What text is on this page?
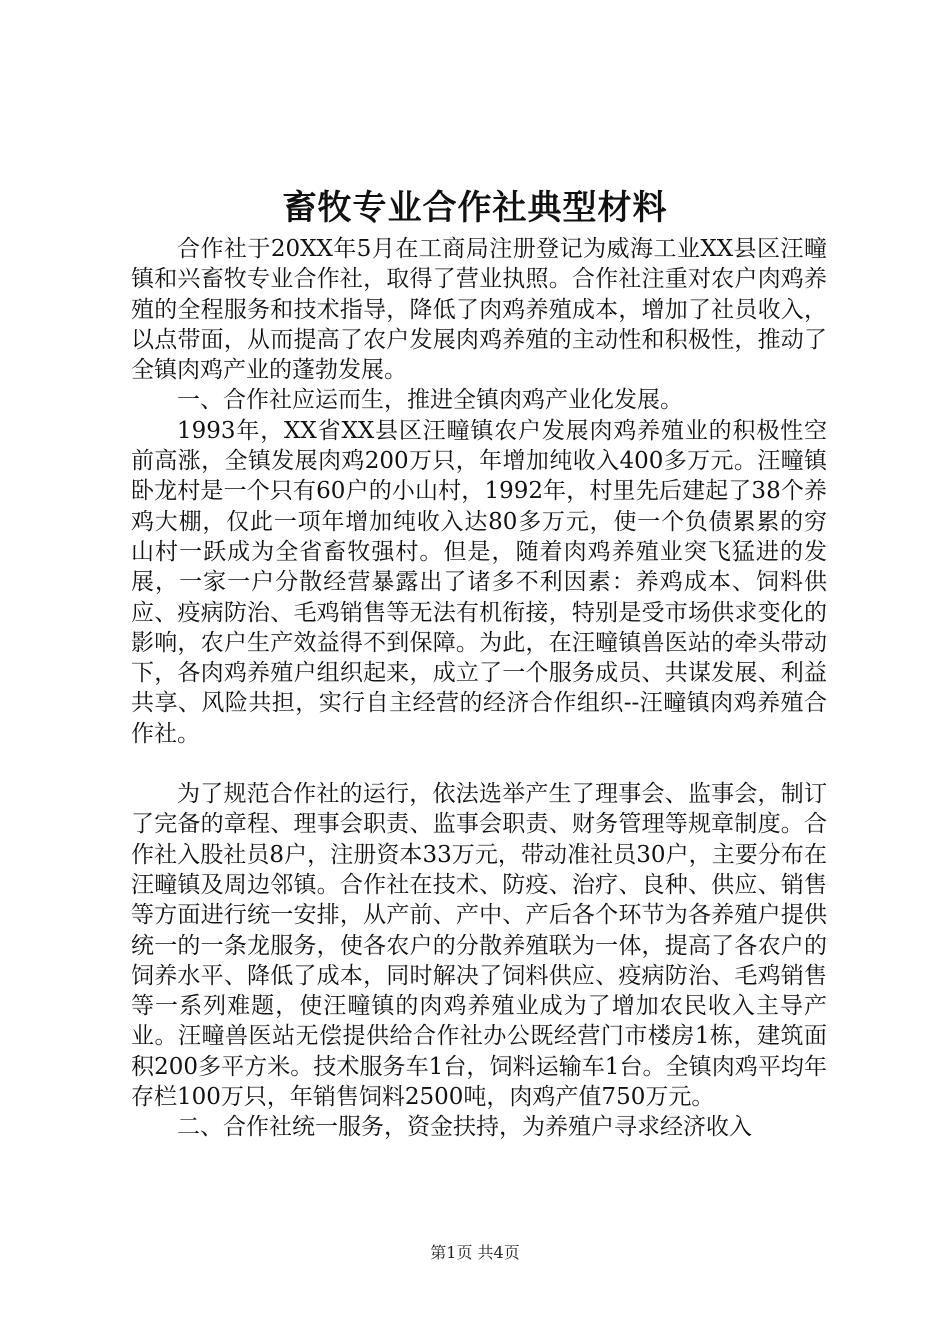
畜牧专业合作社典型材料

合作社于20XX年5月在工商局注册登记为威海工业XX县区汪疃镇和兴畜牧专业合作社，取得了营业执照。合作社注重对农户肉鸡养殖的全程服务和技术指导，降低了肉鸡养殖成本，增加了社员收入，以点带面，从而提高了农户发展肉鸡养殖的主动性和积极性，推动了全镇肉鸡产业的蓬勃发展。

一、合作社应运而生，推进全镇肉鸡产业化发展。

1993年，XX省XX县区汪疃镇农户发展肉鸡养殖业的积极性空前高涨，全镇发展肉鸡200万只，年增加纯收入400多万元。汪疃镇卧龙村是一个只有60户的小山村，1992年，村里先后建起了38个养鸡大棚，仅此一项年增加纯收入达80多万元，使一个负债累累的穷山村一跃成为全省畜牧强村。但是，随着肉鸡养殖业突飞猛进的发展，一家一户分散经营暴露出了诸多不利因素：养鸡成本、饲料供应、疫病防治、毛鸡销售等无法有机衔接，特别是受市场供求变化的影响，农户生产效益得不到保障。为此，在汪疃镇兽医站的牵头带动下，各肉鸡养殖户组织起来，成立了一个服务成员、共谋发展、利益共享、风险共担，实行自主经营的经济合作组织--汪疃镇肉鸡养殖合作社。

为了规范合作社的运行，依法选举产生了理事会、监事会，制订了完备的章程、理事会职责、监事会职责、财务管理等规章制度。合作社入股社员8户，注册资本33万元，带动准社员30户，主要分布在汪疃镇及周边邻镇。合作社在技术、防疫、治疗、良种、供应、销售等方面进行统一安排，从产前、产中、产后各个环节为各养殖户提供统一的一条龙服务，使各农户的分散养殖联为一体，提高了各农户的饲养水平、降低了成本，同时解决了饲料供应、疫病防治、毛鸡销售等一系列难题，使汪疃镇的肉鸡养殖业成为了增加农民收入主导产业。汪疃兽医站无偿提供给合作社办公既经营门市楼房1栋，建筑面积200多平方米。技术服务车1台，饲料运输车1台。全镇肉鸡平均年存栏100万只，年销售饲料2500吨，肉鸡产值750万元。

二、合作社统一服务，资金扶持，为养殖户寻求经济收入

第1页 共4页
